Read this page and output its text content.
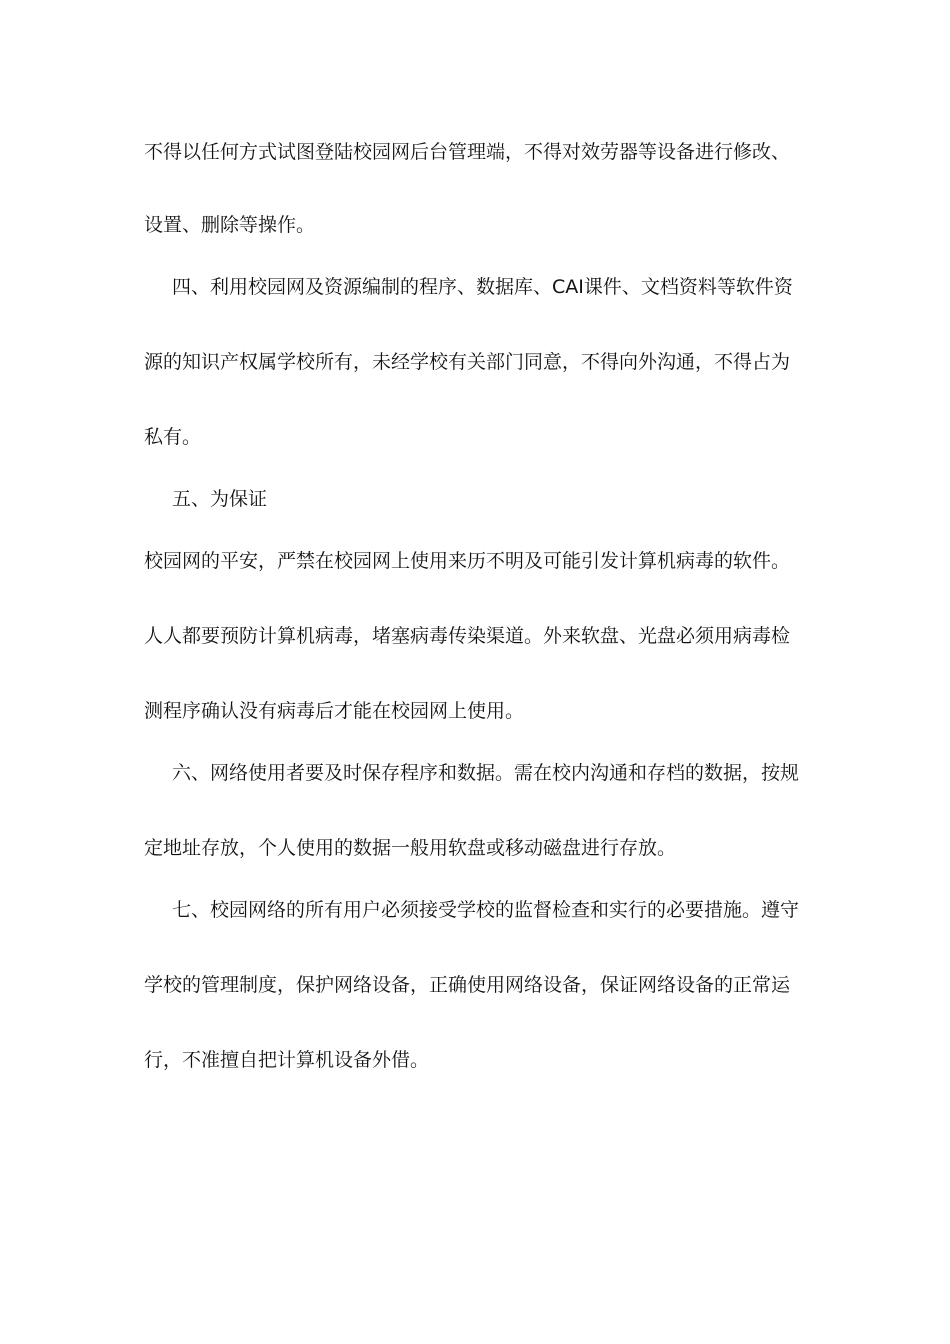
不得以任何方式试图登陆校园网后台管理端，不得对效劳器等设备进行修改、
设置、删除等操作。
四、利用校园网及资源编制的程序、数据库、CAI课件、文档资料等软件资
源的知识产权属学校所有，未经学校有关部门同意，不得向外沟通，不得占为
私有。
五、为保证
校园网的平安，严禁在校园网上使用来历不明及可能引发计算机病毒的软件。
人人都要预防计算机病毒，堵塞病毒传染渠道。外来软盘、光盘必须用病毒检
测程序确认没有病毒后才能在校园网上使用。
六、网络使用者要及时保存程序和数据。需在校内沟通和存档的数据，按规
定地址存放，个人使用的数据一般用软盘或移动磁盘进行存放。
七、校园网络的所有用户必须接受学校的监督检查和实行的必要措施。遵守
学校的管理制度，保护网络设备，正确使用网络设备，保证网络设备的正常运
行，不准擅自把计算机设备外借。
